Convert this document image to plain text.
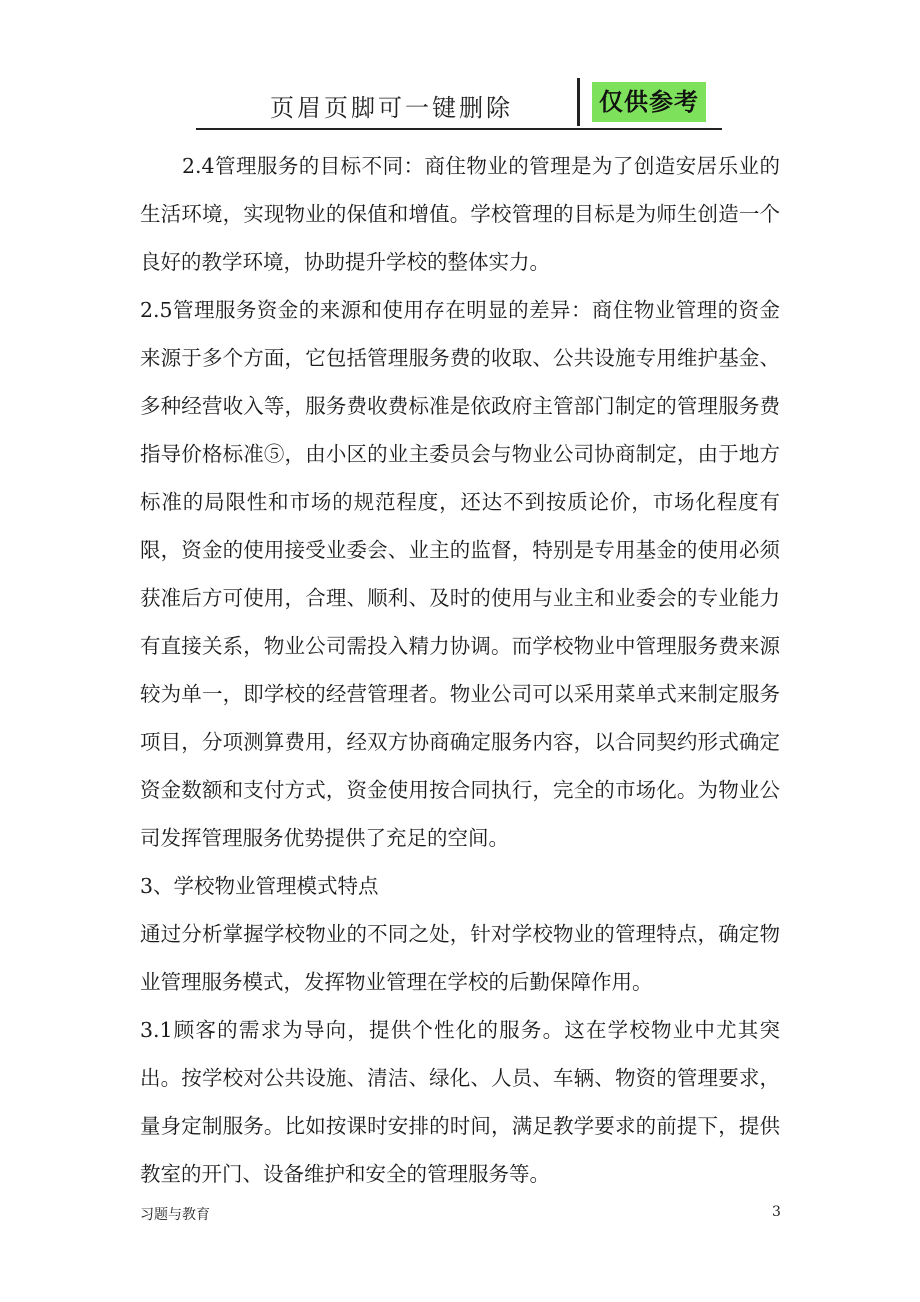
页眉页脚可一键删除	仅供参考

2.4管理服务的目标不同：商住物业的管理是为了创造安居乐业的生活环境，实现物业的保值和增值。学校管理的目标是为师生创造一个良好的教学环境，协助提升学校的整体实力。

2.5管理服务资金的来源和使用存在明显的差异：商住物业管理的资金来源于多个方面，它包括管理服务费的收取、公共设施专用维护基金、多种经营收入等，服务费收费标准是依政府主管部门制定的管理服务费指导价格标准⑤，由小区的业主委员会与物业公司协商制定，由于地方标准的局限性和市场的规范程度，还达不到按质论价，市场化程度有限，资金的使用接受业委会、业主的监督，特别是专用基金的使用必须获准后方可使用，合理、顺利、及时的使用与业主和业委会的专业能力有直接关系，物业公司需投入精力协调。而学校物业中管理服务费来源较为单一，即学校的经营管理者。物业公司可以采用菜单式来制定服务项目，分项测算费用，经双方协商确定服务内容，以合同契约形式确定资金数额和支付方式，资金使用按合同执行，完全的市场化。为物业公司发挥管理服务优势提供了充足的空间。

3、学校物业管理模式特点

通过分析掌握学校物业的不同之处，针对学校物业的管理特点，确定物业管理服务模式，发挥物业管理在学校的后勤保障作用。

3.1顾客的需求为导向，提供个性化的服务。这在学校物业中尤其突出。按学校对公共设施、清洁、绿化、人员、车辆、物资的管理要求，量身定制服务。比如按课时安排的时间，满足教学要求的前提下，提供教室的开门、设备维护和安全的管理服务等。

习题与教育	3
